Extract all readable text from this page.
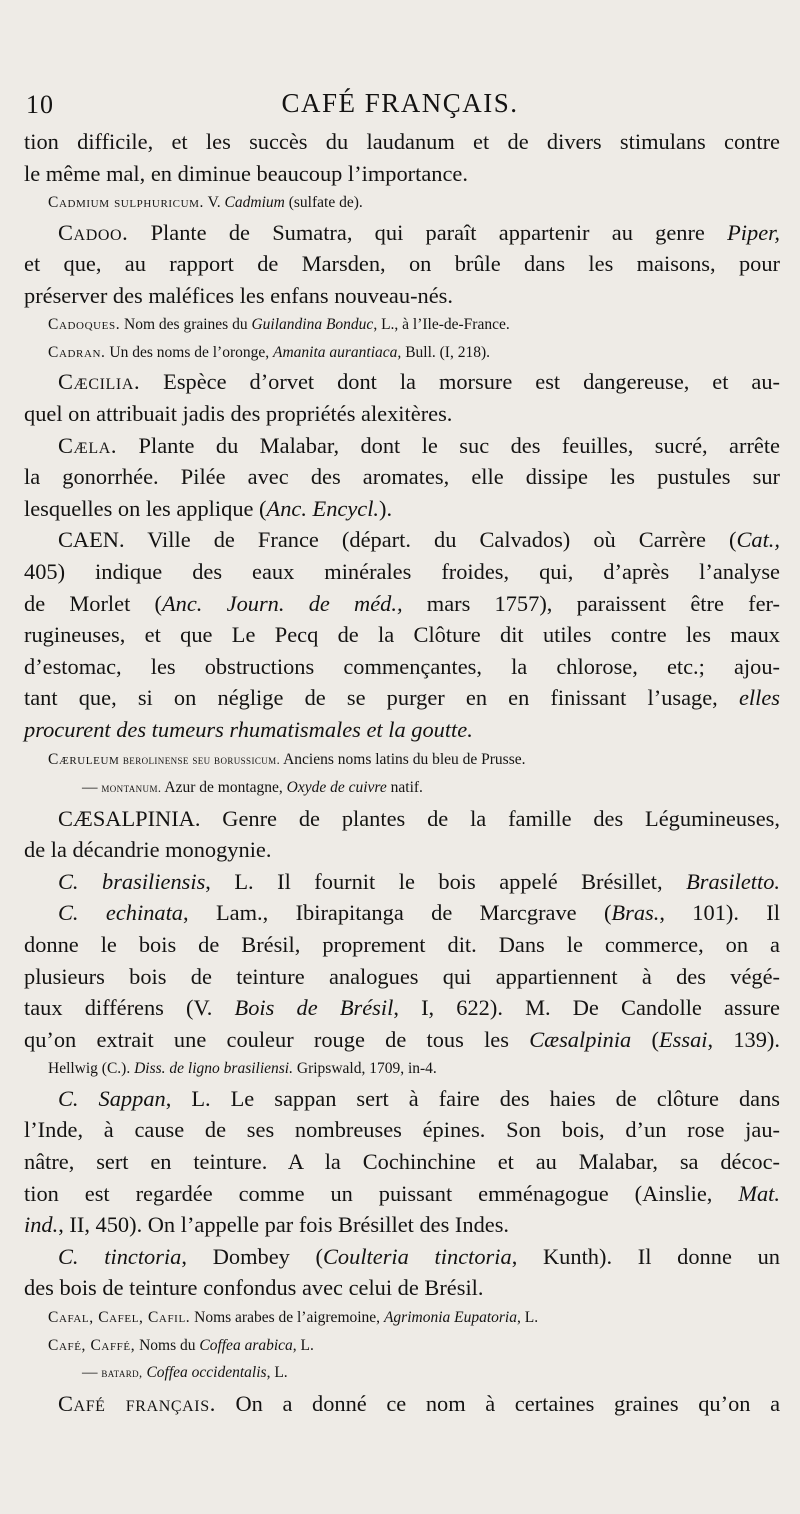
10	CAFÉ FRANÇAIS.

tion difficile, et les succès du laudanum et de divers stimulans contre

le même mal, en diminue beaucoup l’importance.

Cadmium sulphuricum. V. Cadmium (sulfate de).

Cadoo. Plante de Sumatra, qui paraît appartenir au genre Piper,

et que, au rapport de Marsden, on brûle dans les maisons, pour

préserver des maléfices les enfans nouveau-nés.

Cadoques. Nom des graines du Guilandina Bonduc, L., à l’Ile-de-France.

Cadran. Un des noms de l’oronge, Amanita aurantiaca, Bull. (I, 218).

Cæcilia. Espèce d’orvet dont la morsure est dangereuse, et au-

quel on attribuait jadis des propriétés alexitères.

Cæla. Plante du Malabar, dont le suc des feuilles, sucré, arrête

la gonorrhée. Pilée avec des aromates, elle dissipe les pustules sur

lesquelles on les applique (Anc. Encycl.).

CAEN. Ville de France (départ. du Calvados) où Carrère (Cat.,

405) indique des eaux minérales froides, qui, d’après l’analyse

de Morlet (Anc. Journ. de méd., mars 1757), paraissent être fer-

rugineuses, et que Le Pecq de la Clôture dit utiles contre les maux

d’estomac, les obstructions commençantes, la chlorose, etc.; ajou-

tant que, si on néglige de se purger en en finissant l’usage, elles

procurent des tumeurs rhumatismales et la goutte.

Cæruleum berolinense seu borussicum. Anciens noms latins du bleu de Prusse.

— montanum. Azur de montagne, Oxyde de cuivre natif.

CÆSALPINIA. Genre de plantes de la famille des Légumineuses,

de la décandrie monogynie.

C. brasiliensis, L. Il fournit le bois appelé Brésillet, Brasiletto.

C. echinata, Lam., Ibirapitanga de Marcgrave (Bras., 101). Il

donne le bois de Brésil, proprement dit. Dans le commerce, on a

plusieurs bois de teinture analogues qui appartiennent à des végé-

taux différens (V. Bois de Brésil, I, 622). M. De Candolle assure

qu’on extrait une couleur rouge de tous les Cæsalpinia (Essai, 139).

Hellwig (C.). Diss. de ligno brasiliensi. Gripswald, 1709, in-4.

C. Sappan, L. Le sappan sert à faire des haies de clôture dans

l’Inde, à cause de ses nombreuses épines. Son bois, d’un rose jau-

nâtre, sert en teinture. A la Cochinchine et au Malabar, sa décoc-

tion est regardée comme un puissant emménagogue (Ainslie, Mat.

ind., II, 450). On l’appelle par fois Brésillet des Indes.

C. tinctoria, Dombey (Coulteria tinctoria, Kunth). Il donne un

des bois de teinture confondus avec celui de Brésil.

Cafal, Cafel, Cafil. Noms arabes de l’aigremoine, Agrimonia Eupatoria, L.

Café, Caffé, Noms du Coffea arabica, L.

— batard, Coffea occidentalis, L.

Café français. On a donné ce nom à certaines graines qu’on a
